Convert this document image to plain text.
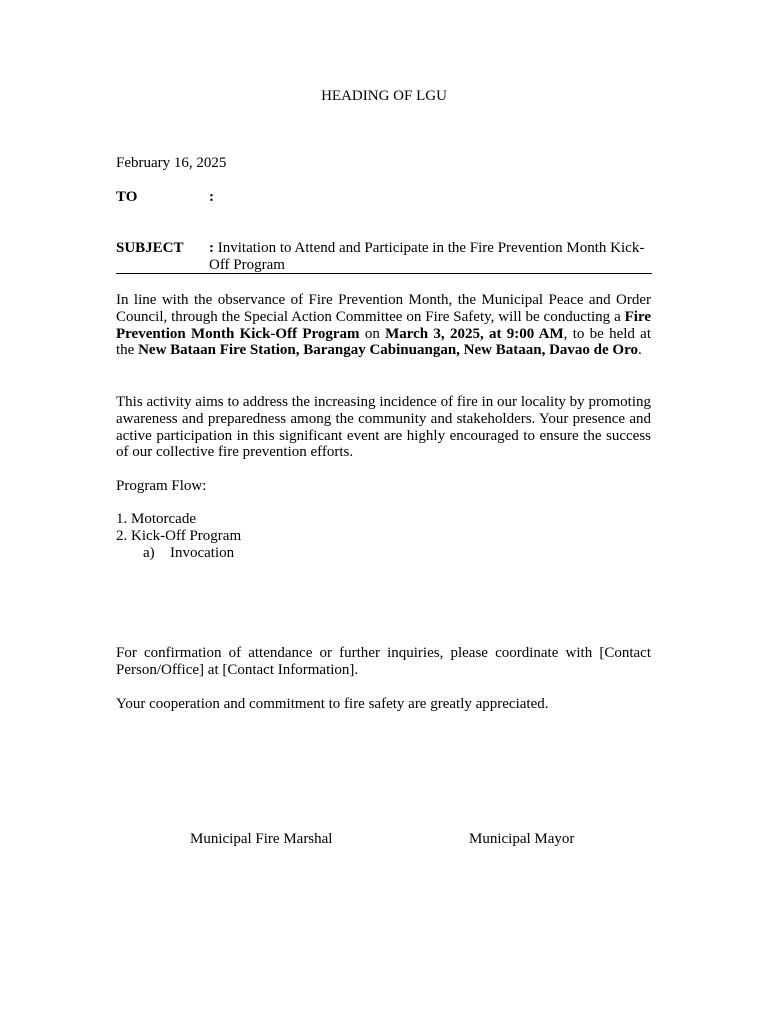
HEADING OF LGU
February 16, 2025
TO	:
SUBJECT : Invitation to Attend and Participate in the Fire Prevention Month Kick-Off Program
In line with the observance of Fire Prevention Month, the Municipal Peace and Order Council, through the Special Action Committee on Fire Safety, will be conducting a Fire Prevention Month Kick-Off Program on March 3, 2025, at 9:00 AM, to be held at the New Bataan Fire Station, Barangay Cabinuangan, New Bataan, Davao de Oro.
This activity aims to address the increasing incidence of fire in our locality by promoting awareness and preparedness among the community and stakeholders. Your presence and active participation in this significant event are highly encouraged to ensure the success of our collective fire prevention efforts.
Program Flow:
1. Motorcade
2. Kick-Off Program
a) Invocation
For confirmation of attendance or further inquiries, please coordinate with [Contact Person/Office] at [Contact Information].
Your cooperation and commitment to fire safety are greatly appreciated.
Municipal Fire Marshal	Municipal Mayor
